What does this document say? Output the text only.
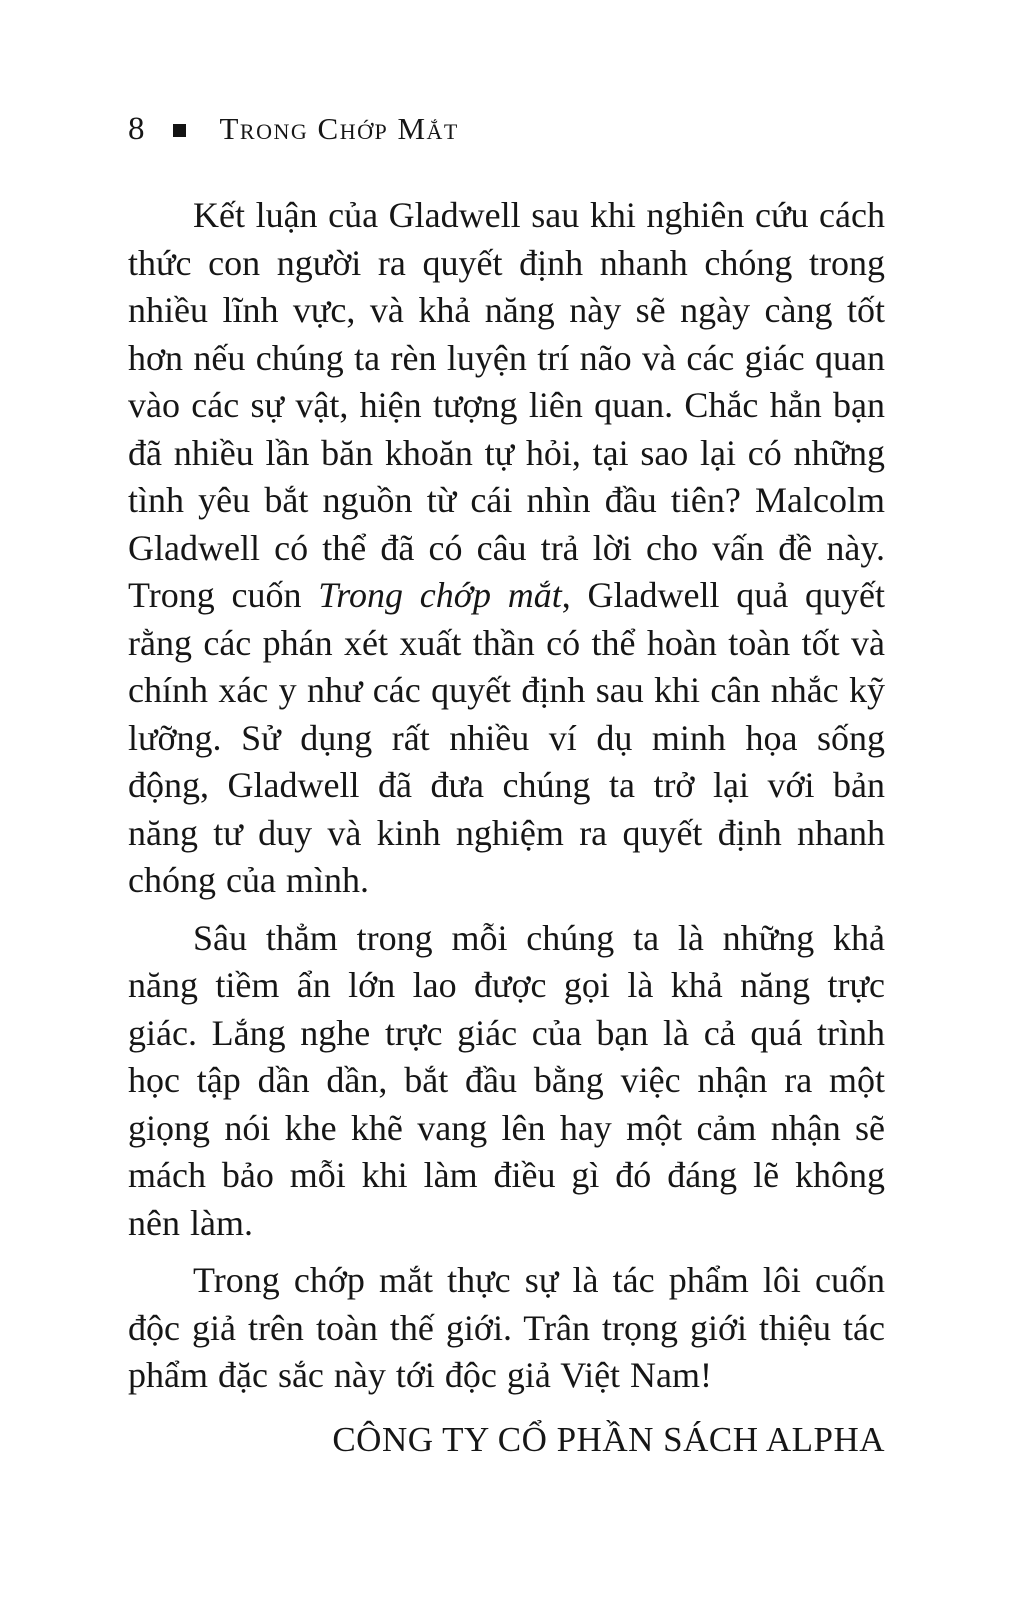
8 Trong Chớp Mắt

Kết luận của Gladwell sau khi nghiên cứu cách thức con người ra quyết định nhanh chóng trong nhiều lĩnh vực, và khả năng này sẽ ngày càng tốt hơn nếu chúng ta rèn luyện trí não và các giác quan vào các sự vật, hiện tượng liên quan. Chắc hẳn bạn đã nhiều lần băn khoăn tự hỏi, tại sao lại có những tình yêu bắt nguồn từ cái nhìn đầu tiên? Malcolm Gladwell có thể đã có câu trả lời cho vấn đề này. Trong cuốn Trong chớp mắt, Gladwell quả quyết rằng các phán xét xuất thần có thể hoàn toàn tốt và chính xác y như các quyết định sau khi cân nhắc kỹ lưỡng. Sử dụng rất nhiều ví dụ minh họa sống động, Gladwell đã đưa chúng ta trở lại với bản năng tư duy và kinh nghiệm ra quyết định nhanh chóng của mình.

Sâu thẳm trong mỗi chúng ta là những khả năng tiềm ẩn lớn lao được gọi là khả năng trực giác. Lắng nghe trực giác của bạn là cả quá trình học tập dần dần, bắt đầu bằng việc nhận ra một giọng nói khe khẽ vang lên hay một cảm nhận sẽ mách bảo mỗi khi làm điều gì đó đáng lẽ không nên làm.

Trong chớp mắt thực sự là tác phẩm lôi cuốn độc giả trên toàn thế giới. Trân trọng giới thiệu tác phẩm đặc sắc này tới độc giả Việt Nam!

CÔNG TY CỔ PHẦN SÁCH ALPHA
